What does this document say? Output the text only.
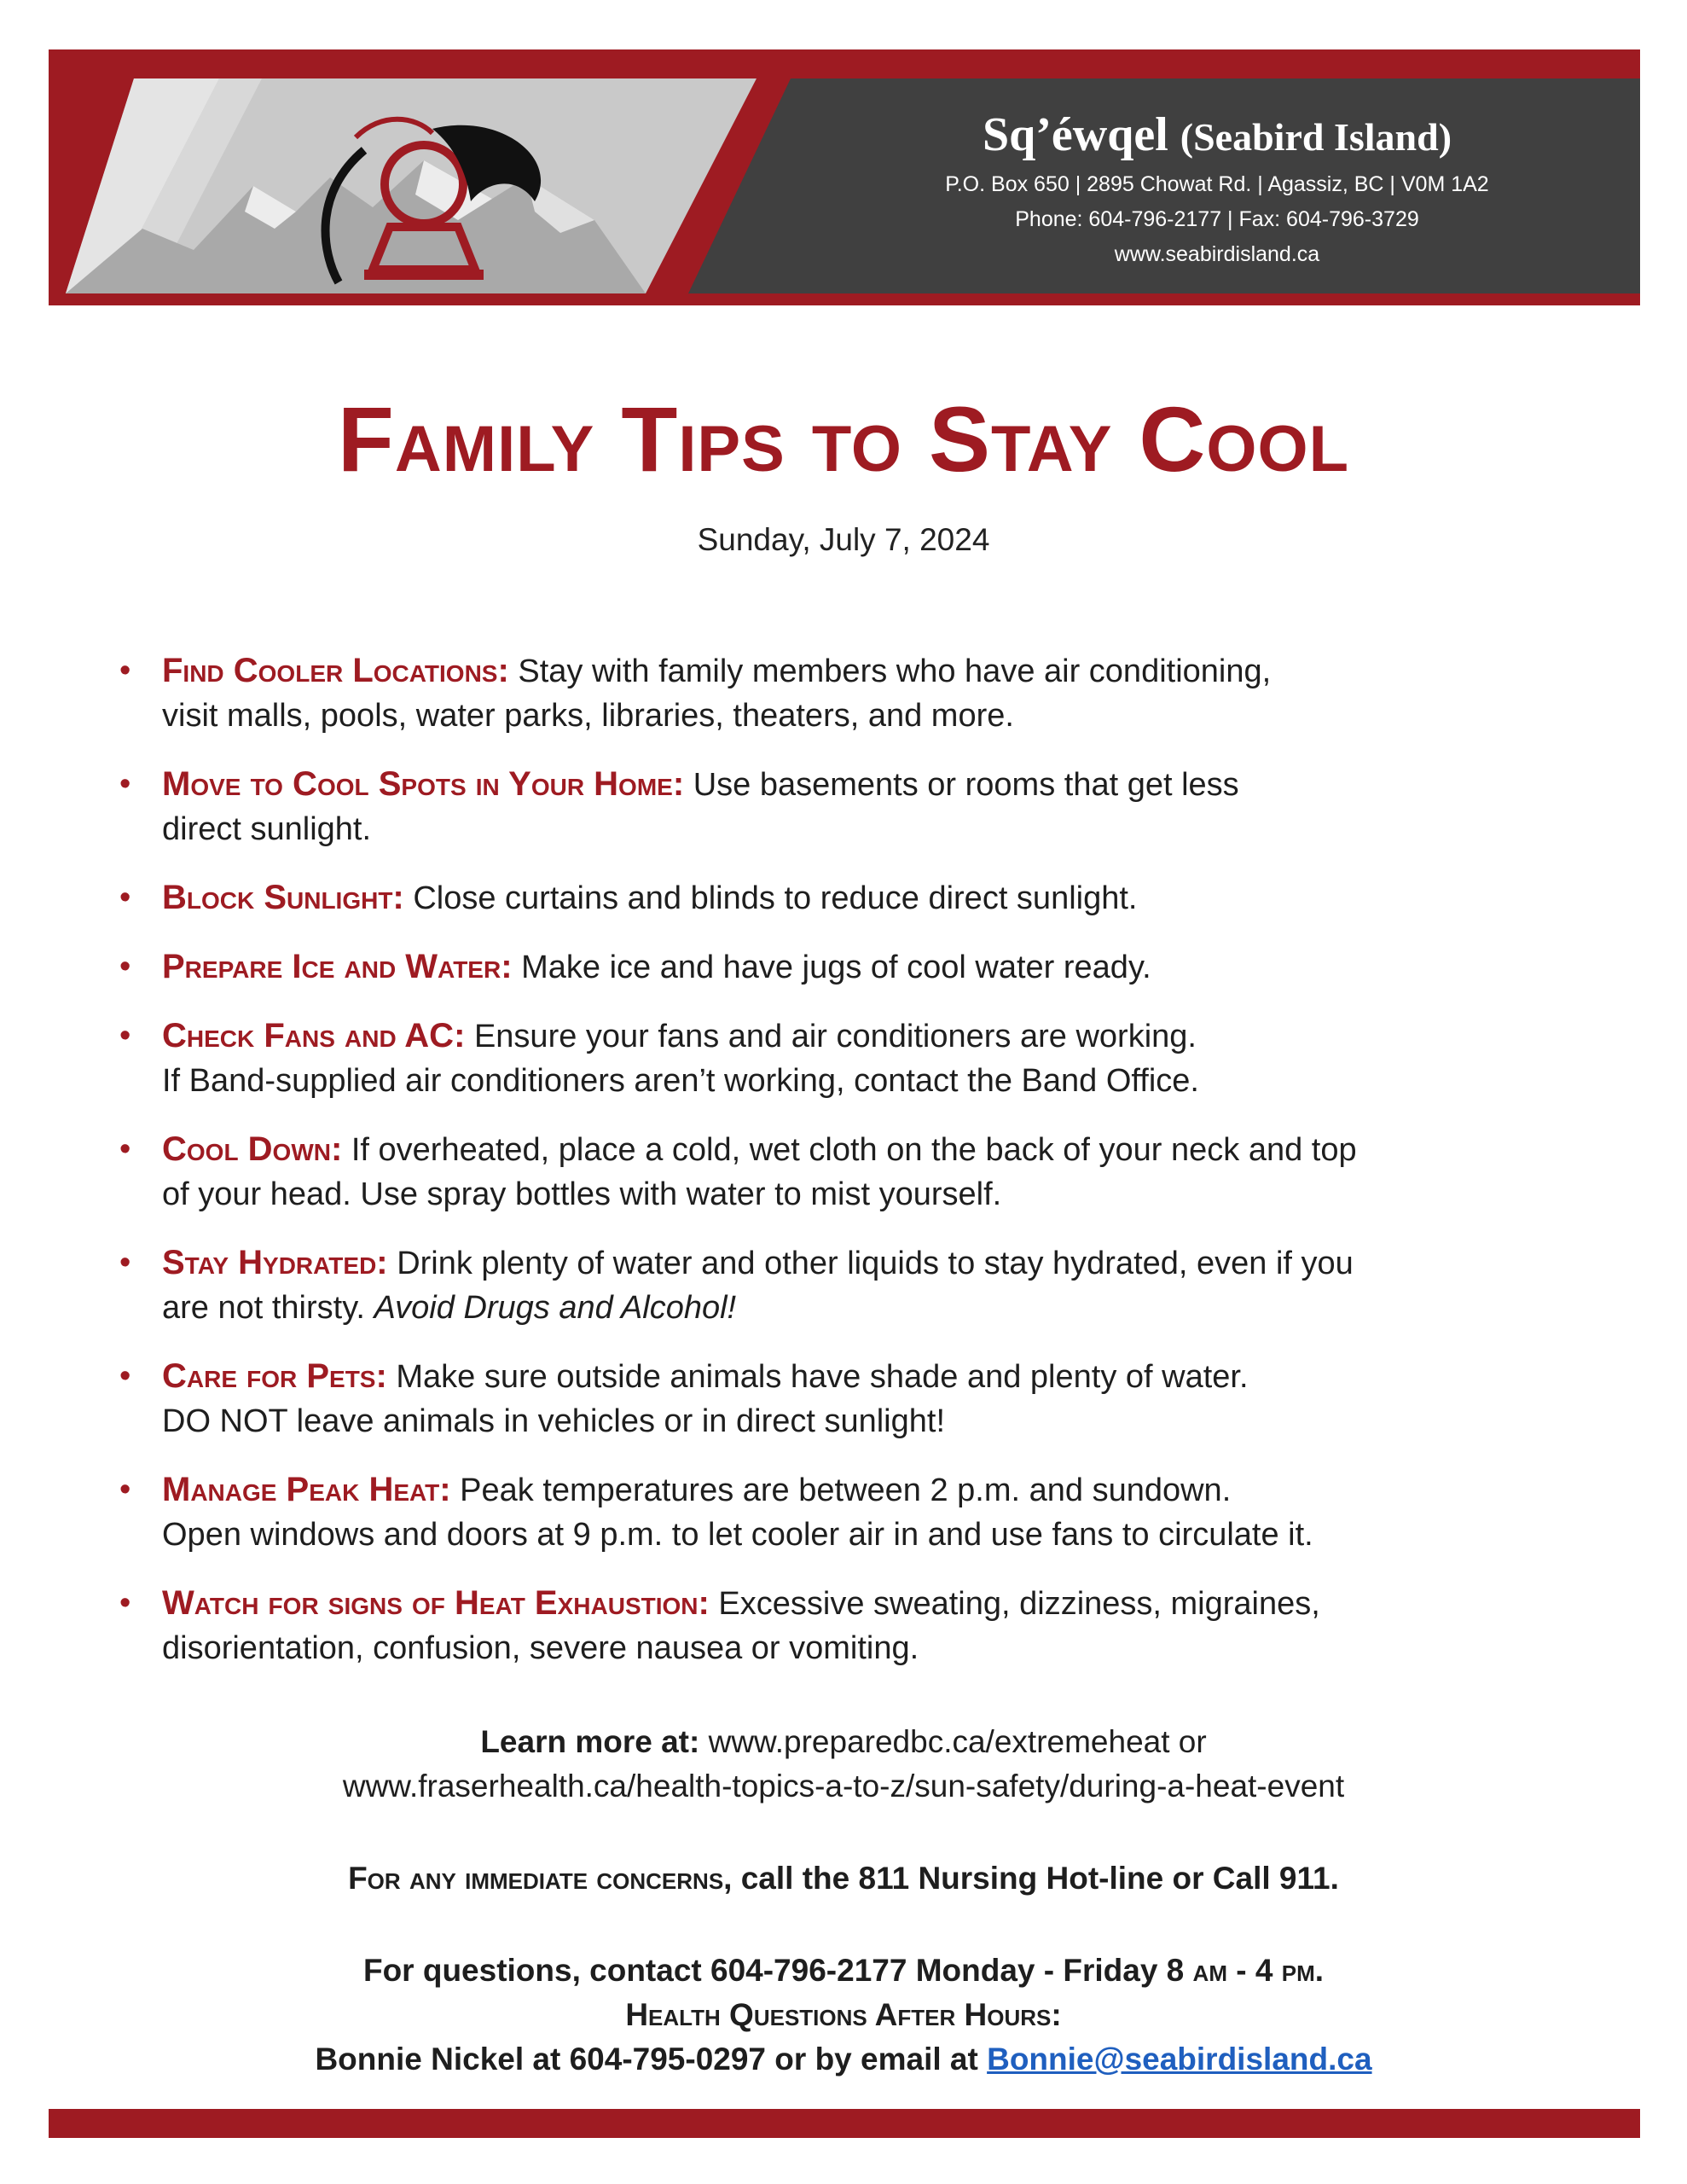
Sq’éwqel (Seabird Island)
P.O. Box 650 | 2895 Chowat Rd. | Agassiz, BC | V0M 1A2
Phone: 604-796-2177 | Fax: 604-796-3729
www.seabirdisland.ca
Family Tips to Stay Cool
Sunday, July 7, 2024
• Find Cooler Locations: Stay with family members who have air conditioning,
visit malls, pools, water parks, libraries, theaters, and more.
• Move to Cool Spots in Your Home: Use basements or rooms that get less
direct sunlight.
• Block Sunlight: Close curtains and blinds to reduce direct sunlight.
• Prepare Ice and Water: Make ice and have jugs of cool water ready.
• Check Fans and AC: Ensure your fans and air conditioners are working.
If Band-supplied air conditioners aren’t working, contact the Band Office.
• Cool Down: If overheated, place a cold, wet cloth on the back of your neck and top
of your head. Use spray bottles with water to mist yourself.
• Stay Hydrated: Drink plenty of water and other liquids to stay hydrated, even if you
are not thirsty. Avoid Drugs and Alcohol!
• Care for Pets: Make sure outside animals have shade and plenty of water.
DO NOT leave animals in vehicles or in direct sunlight!
• Manage Peak Heat: Peak temperatures are between 2 p.m. and sundown.
Open windows and doors at 9 p.m. to let cooler air in and use fans to circulate it.
• Watch for signs of Heat Exhaustion: Excessive sweating, dizziness, migraines,
disorientation, confusion, severe nausea or vomiting.
Learn more at: www.preparedbc.ca/extremeheat or
www.fraserhealth.ca/health-topics-a-to-z/sun-safety/during-a-heat-event
For any immediate concerns, call the 811 Nursing Hot-line or Call 911.
For questions, contact 604-796-2177 Monday - Friday 8 am - 4 pm.
Health Questions After Hours:
Bonnie Nickel at 604-795-0297 or by email at Bonnie@seabirdisland.ca
